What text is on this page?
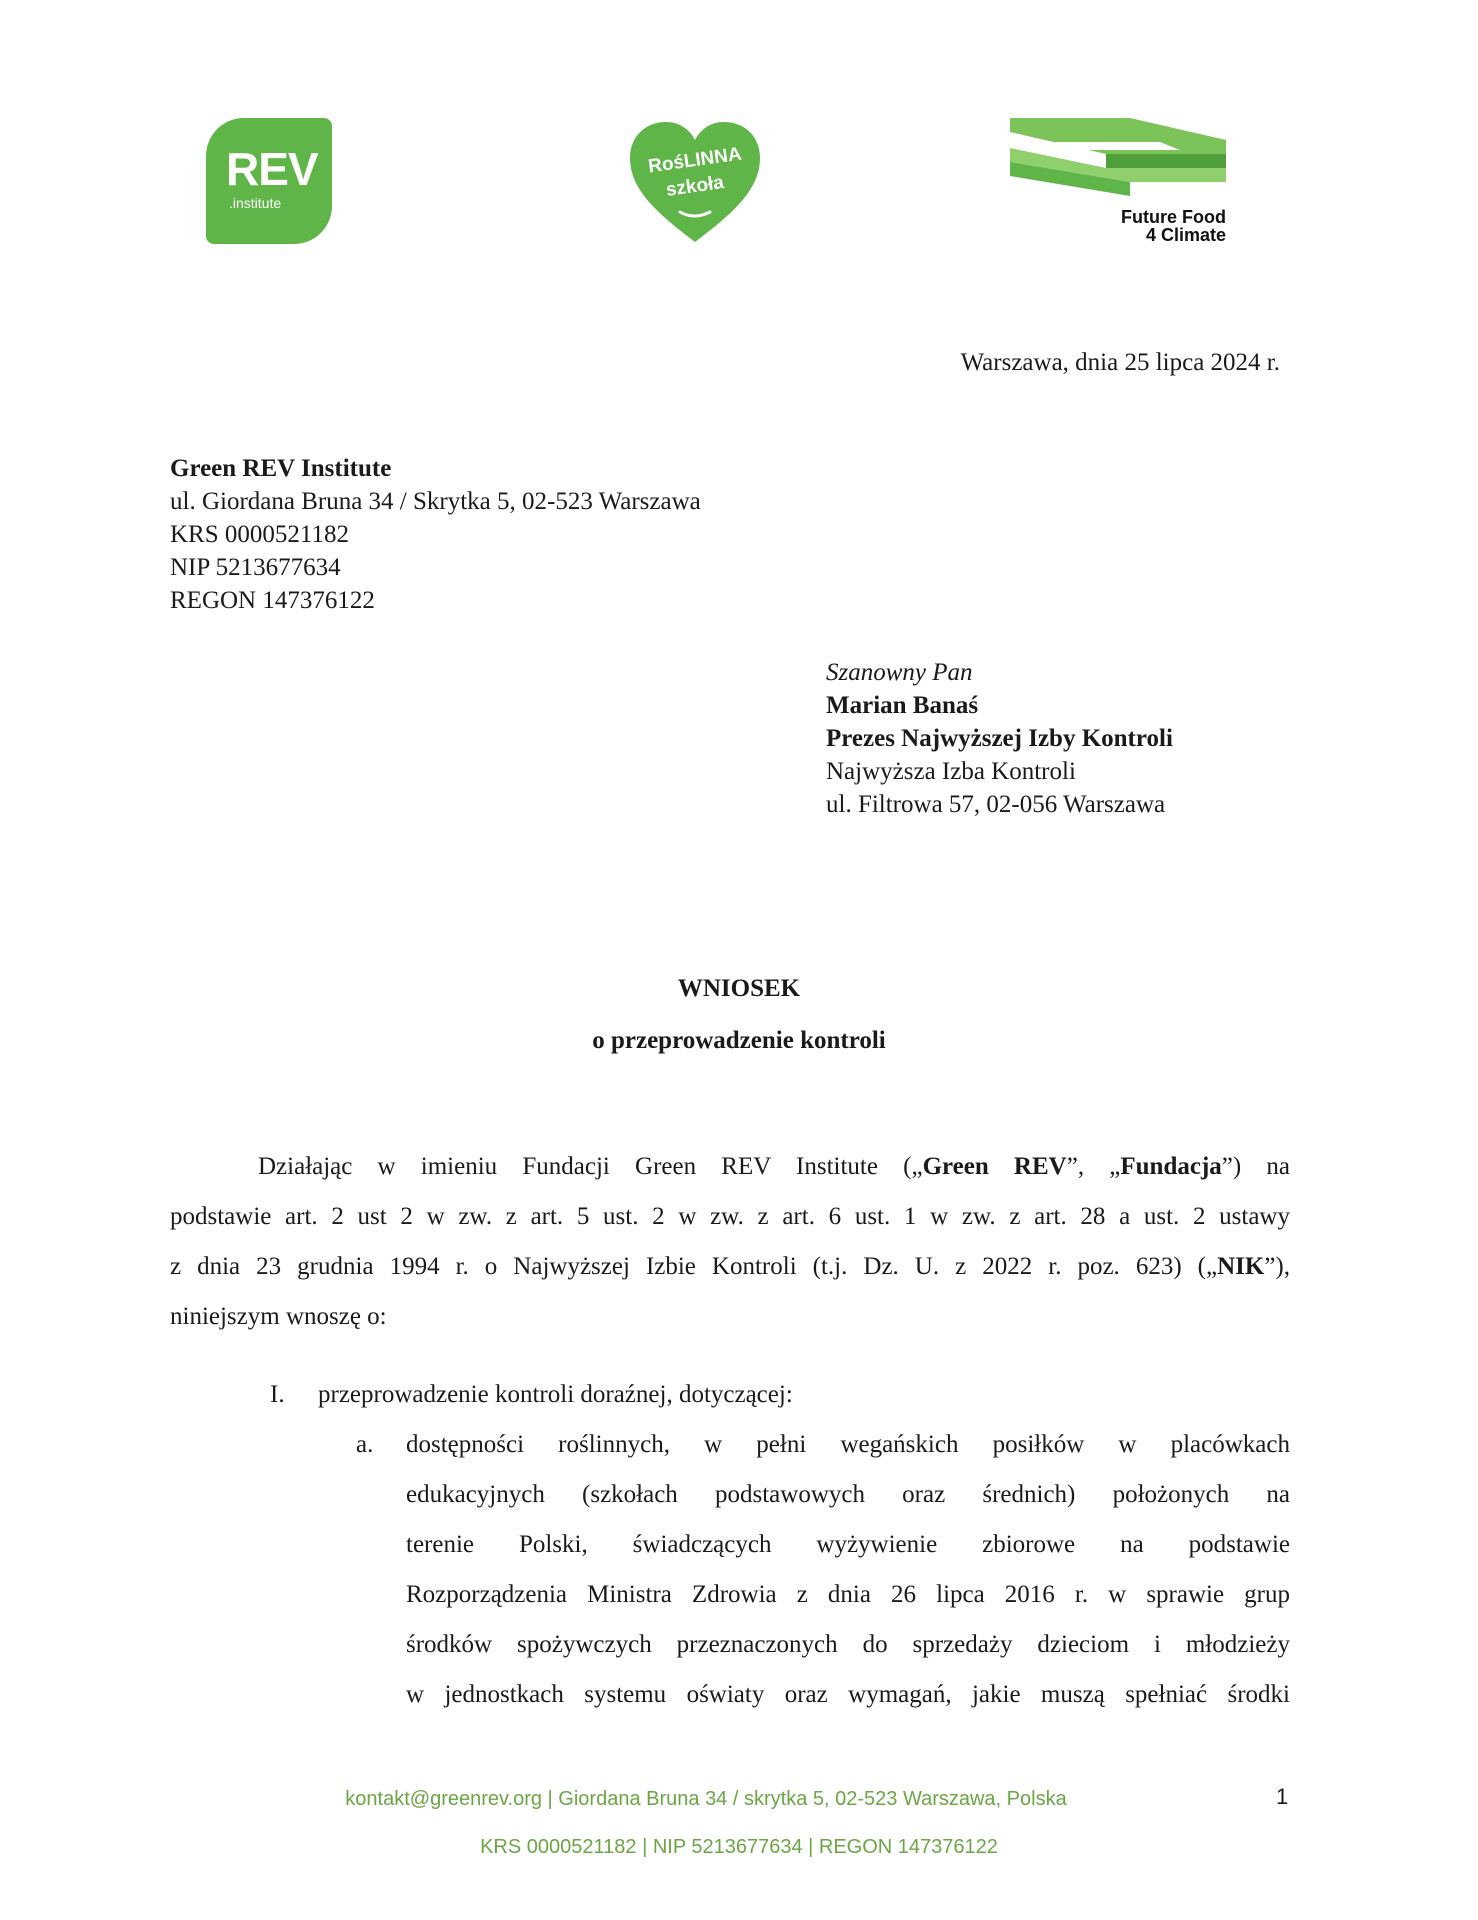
REV
.institute
RośLINNA
szkoła
Future Food
4 Climate
Warszawa, dnia 25 lipca 2024 r.
Green REV Institute
ul. Giordana Bruna 34 / Skrytka 5, 02-523 Warszawa
KRS 0000521182
NIP 5213677634
REGON 147376122
Szanowny Pan
Marian Banaś
Prezes Najwyższej Izby Kontroli
Najwyższa Izba Kontroli
ul. Filtrowa 57, 02-056 Warszawa
WNIOSEK
o przeprowadzenie kontroli
Działając w imieniu Fundacji Green REV Institute („Green REV”, „Fundacja”) na
podstawie art. 2 ust 2 w zw. z art. 5 ust. 2 w zw. z art. 6 ust. 1 w zw. z art. 28 a ust. 2 ustawy
z dnia 23 grudnia 1994 r. o Najwyższej Izbie Kontroli (t.j. Dz. U. z 2022 r. poz. 623) („NIK”),
niniejszym wnoszę o:
I. przeprowadzenie kontroli doraźnej, dotyczącej:
a. dostępności roślinnych, w pełni wegańskich posiłków w placówkach
edukacyjnych (szkołach podstawowych oraz średnich) położonych na
terenie Polski, świadczących wyżywienie zbiorowe na podstawie
Rozporządzenia Ministra Zdrowia z dnia 26 lipca 2016 r. w sprawie grup
środków spożywczych przeznaczonych do sprzedaży dzieciom i młodzieży
w jednostkach systemu oświaty oraz wymagań, jakie muszą spełniać środki
kontakt@greenrev.org | Giordana Bruna 34 / skrytka 5, 02-523 Warszawa, Polska
KRS 0000521182 | NIP 5213677634 | REGON 147376122
1
